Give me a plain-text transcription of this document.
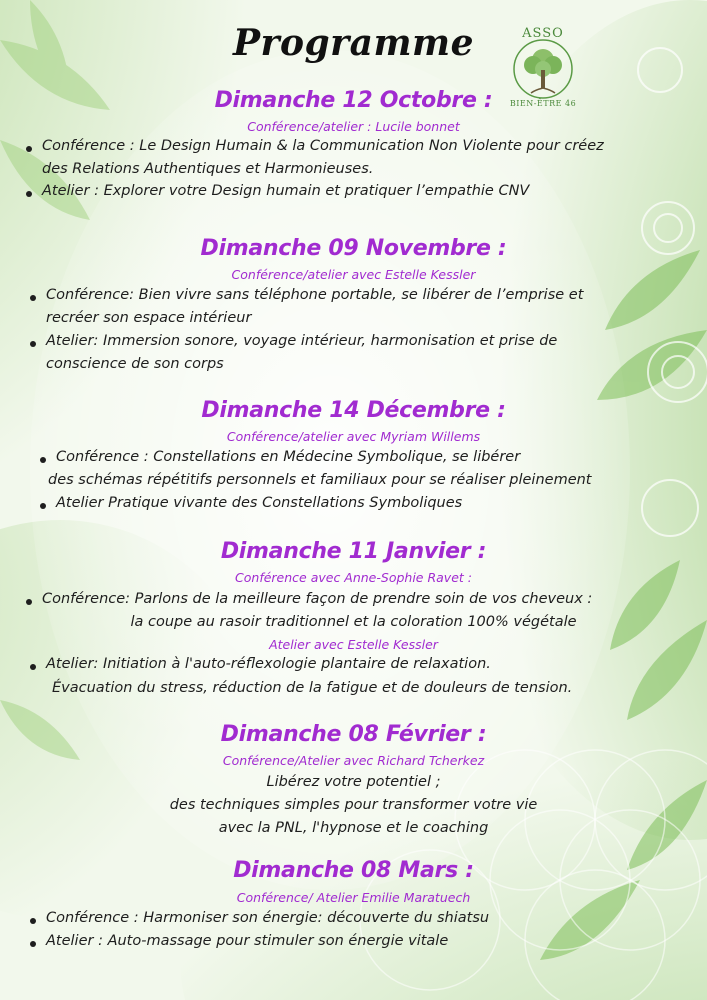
Programme	ASSO
BIEN-ÊTRE 46
Dimanche 12 Octobre :
Conférence/atelier : Lucile bonnet
Conférence : Le Design Humain & la Communication Non Violente pour créez
des Relations Authentiques et Harmonieuses.
Atelier : Explorer votre Design humain et pratiquer l’empathie CNV
Dimanche 09 Novembre :
Conférence/atelier avec Estelle Kessler
Conférence: Bien vivre sans téléphone portable, se libérer de l’emprise et
recréer son espace intérieur
Atelier: Immersion sonore, voyage intérieur, harmonisation et prise de
conscience de son corps
Dimanche 14 Décembre :
Conférence/atelier avec Myriam Willems
Conférence : Constellations en Médecine Symbolique, se libérer
des schémas répétitifs personnels et familiaux pour se réaliser pleinement
Atelier Pratique vivante des Constellations Symboliques
Dimanche 11 Janvier :
Conférence avec Anne-Sophie Ravet :
Conférence: Parlons de la meilleure façon de prendre soin de vos cheveux :
la coupe au rasoir traditionnel et la coloration 100% végétale
Atelier avec Estelle Kessler
Atelier: Initiation à l'auto-réflexologie plantaire de relaxation.
Évacuation du stress, réduction de la fatigue et de douleurs de tension.
Dimanche 08 Février :
Conférence/Atelier avec Richard Tcherkez
Libérez votre potentiel ;
des techniques simples pour transformer votre vie
avec la PNL, l'hypnose et le coaching
Dimanche 08 Mars :
Conférence/ Atelier Emilie Maratuech
Conférence : Harmoniser son énergie: découverte du shiatsu
Atelier : Auto-massage pour stimuler son énergie vitale
